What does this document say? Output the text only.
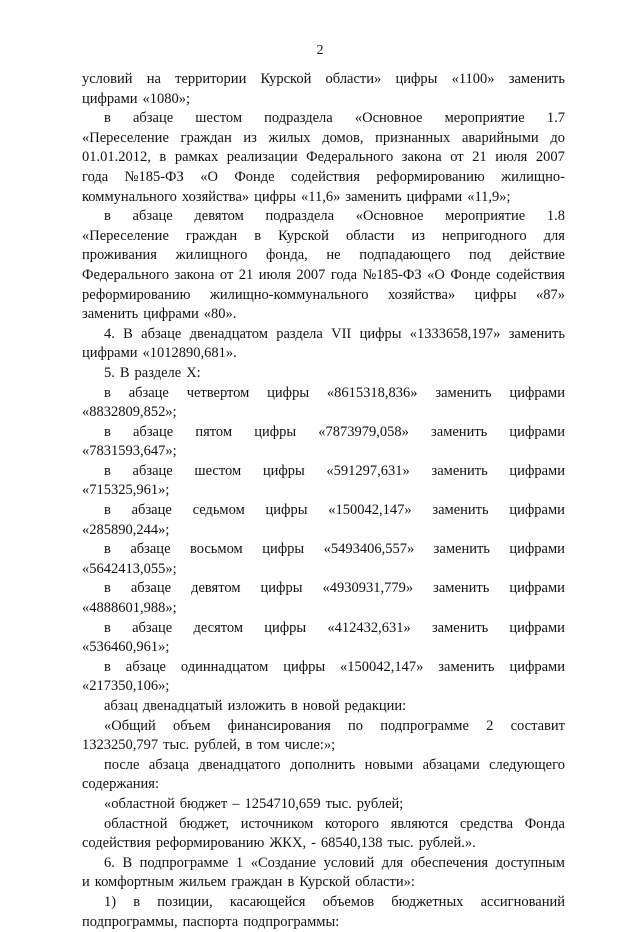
2
условий на территории Курской области» цифры «1100» заменить
цифрами «1080»;
в абзаце шестом подраздела «Основное мероприятие 1.7
«Переселение граждан из жилых домов, признанных аварийными до
01.01.2012, в рамках реализации Федерального закона от 21 июля 2007
года №185-ФЗ «О Фонде содействия реформированию жилищно-
коммунального хозяйства» цифры «11,6» заменить цифрами «11,9»;
в абзаце девятом подраздела «Основное мероприятие 1.8
«Переселение граждан в Курской области из непригодного для
проживания жилищного фонда, не подпадающего под действие
Федерального закона от 21 июля 2007 года №185-ФЗ «О Фонде содействия
реформированию жилищно-коммунального хозяйства» цифры «87»
заменить цифрами «80».
4. В абзаце двенадцатом раздела VII цифры «1333658,197» заменить
цифрами «1012890,681».
5. В разделе X:
в абзаце четвертом цифры «8615318,836» заменить цифрами
«8832809,852»;
в абзаце пятом цифры «7873979,058» заменить цифрами
«7831593,647»;
в абзаце шестом цифры «591297,631» заменить цифрами
«715325,961»;
в абзаце седьмом цифры «150042,147» заменить цифрами
«285890,244»;
в абзаце восьмом цифры «5493406,557» заменить цифрами
«5642413,055»;
в абзаце девятом цифры «4930931,779» заменить цифрами
«4888601,988»;
в абзаце десятом цифры «412432,631» заменить цифрами
«536460,961»;
в абзаце одиннадцатом цифры «150042,147» заменить цифрами
«217350,106»;
абзац двенадцатый изложить в новой редакции:
«Общий объем финансирования по подпрограмме 2 составит
1323250,797 тыс. рублей, в том числе:»;
после абзаца двенадцатого дополнить новыми абзацами следующего
содержания:
«областной бюджет – 1254710,659 тыс. рублей;
областной бюджет, источником которого являются средства Фонда
содействия реформированию ЖКХ, - 68540,138 тыс. рублей.».
6. В подпрограмме 1 «Создание условий для обеспечения доступным
и комфортным жильем граждан в Курской области»:
1) в позиции, касающейся объемов бюджетных ассигнований
подпрограммы, паспорта подпрограммы:
